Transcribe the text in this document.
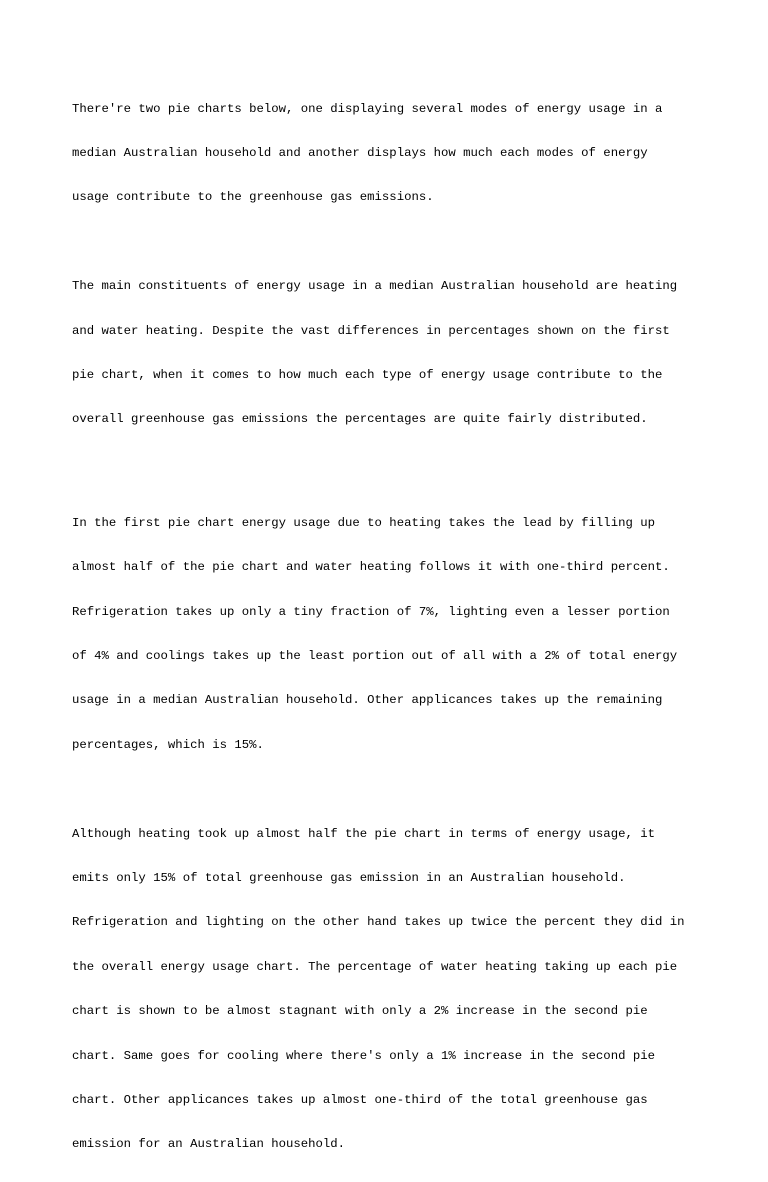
There're two pie charts below, one displaying several modes of energy usage in a

median Australian household and another displays how much each modes of energy

usage contribute to the greenhouse gas emissions.

The main constituents of energy usage in a median Australian household are heating

and water heating. Despite the vast differences in percentages shown on the first

pie chart, when it comes to how much each type of energy usage contribute to the

overall greenhouse gas emissions the percentages are quite fairly distributed.

In the first pie chart energy usage due to heating takes the lead by filling up

almost half of the pie chart and water heating follows it with one-third percent.

Refrigeration takes up only a tiny fraction of 7%, lighting even a lesser portion

of 4% and coolings takes up the least portion out of all with a 2% of total energy

usage in a median Australian household. Other applicances takes up the remaining

percentages, which is 15%.

Although heating took up almost half the pie chart in terms of energy usage, it

emits only 15% of total greenhouse gas emission in an Australian household.

Refrigeration and lighting on the other hand takes up twice the percent they did in

the overall energy usage chart. The percentage of water heating taking up each pie

chart is shown to be almost stagnant with only a 2% increase in the second pie

chart. Same goes for cooling where there's only a 1% increase in the second pie

chart. Other applicances takes up almost one-third of the total greenhouse gas

emission for an Australian household.
